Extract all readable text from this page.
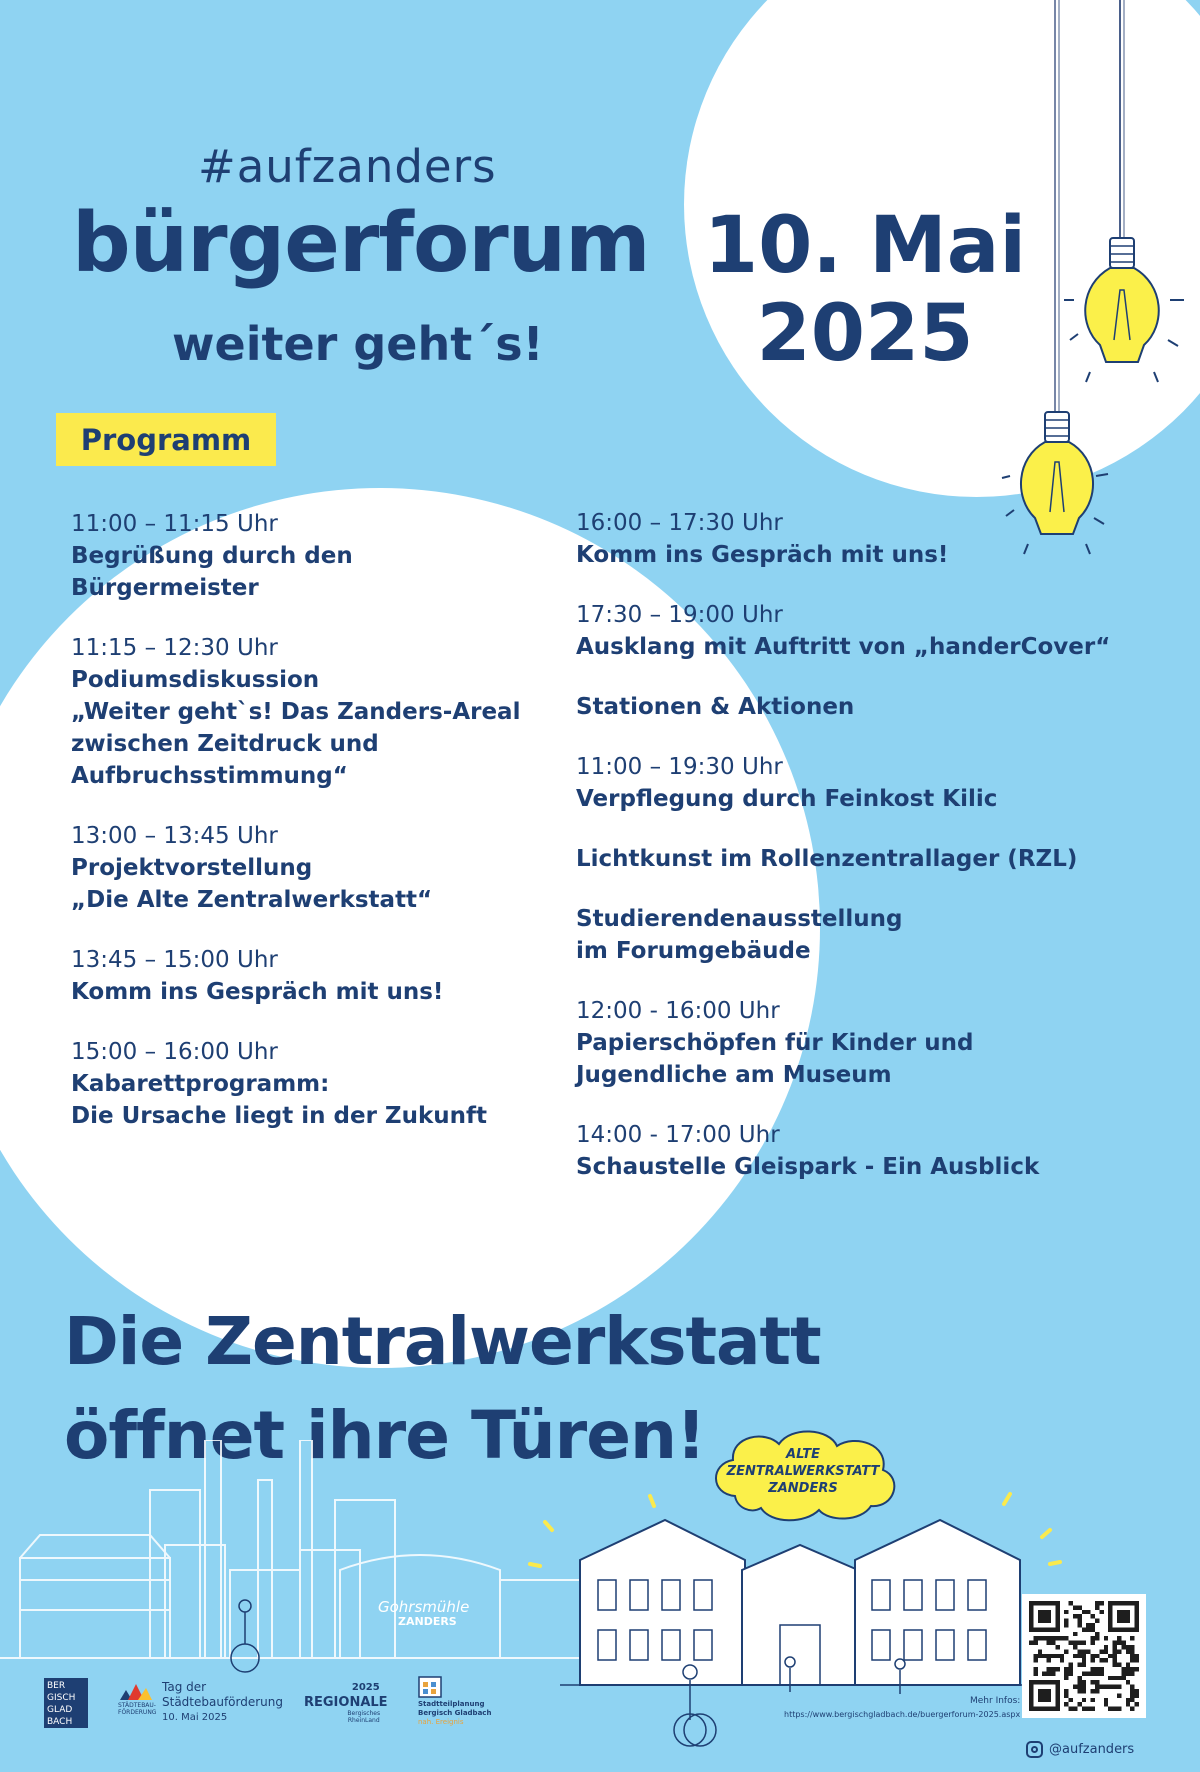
#aufzanders
bürgerforum
weiter geht´s!
10. Mai
2025
Programm
11:00 – 11:15 Uhr
Begrüßung durch den
Bürgermeister
11:15 – 12:30 Uhr
Podiumsdiskussion
„Weiter geht`s! Das Zanders-Areal
zwischen Zeitdruck und
Aufbruchsstimmung“
13:00 – 13:45 Uhr
Projektvorstellung
„Die Alte Zentralwerkstatt“
13:45 – 15:00 Uhr
Komm ins Gespräch mit uns!
15:00 – 16:00 Uhr
Kabarettprogramm:
Die Ursache liegt in der Zukunft
16:00 – 17:30 Uhr
Komm ins Gespräch mit uns!
17:30 – 19:00 Uhr
Ausklang mit Auftritt von „handerCover“
Stationen & Aktionen
11:00 – 19:30 Uhr
Verpflegung durch Feinkost Kilic
Lichtkunst im Rollenzentrallager (RZL)
Studierendenausstellung
im Forumgebäude
12:00 - 16:00 Uhr
Papierschöpfen für Kinder und
Jugendliche am Museum
14:00 - 17:00 Uhr
Schaustelle Gleispark - Ein Ausblick
Die Zentralwerkstatt
öffnet ihre Türen!	ALTE
ZENTRALWERKSTATT
ZANDERS
Gohrsmühle
ZANDERS
BER
GISCH
GLAD
BACH
STÄDTEBAU-
FÖRDERUNG
Tag der
Städtebauförderung
10. Mai 2025
2025
REGIONALE
Bergisches
RheinLand
Stadtteilplanung
Bergisch Gladbach
nah. Ereignis
Mehr Infos:
https://www.bergischgladbach.de/buergerforum-2025.aspx
@aufzanders
